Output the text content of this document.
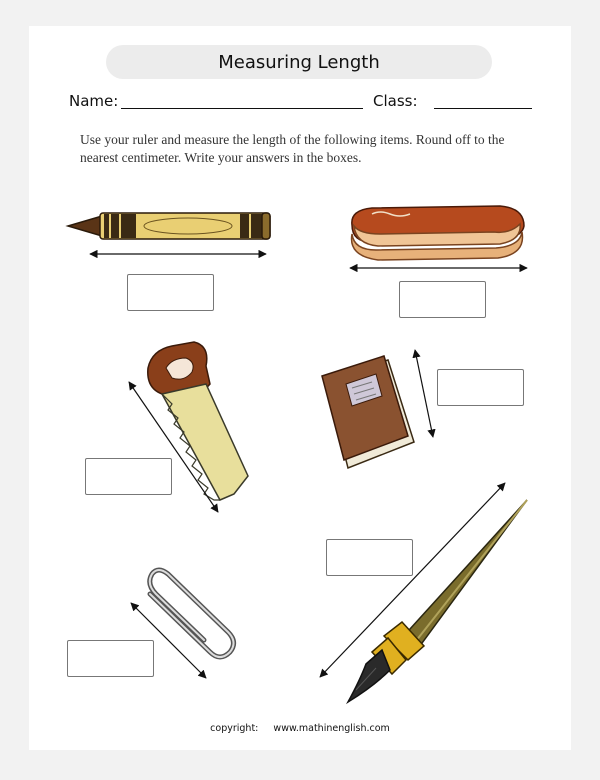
Measuring Length
Name:	Class:
Use your ruler and measure the length of the following items. Round off to the nearest centimeter. Write your answers in the boxes.
copyright: www.mathinenglish.com
